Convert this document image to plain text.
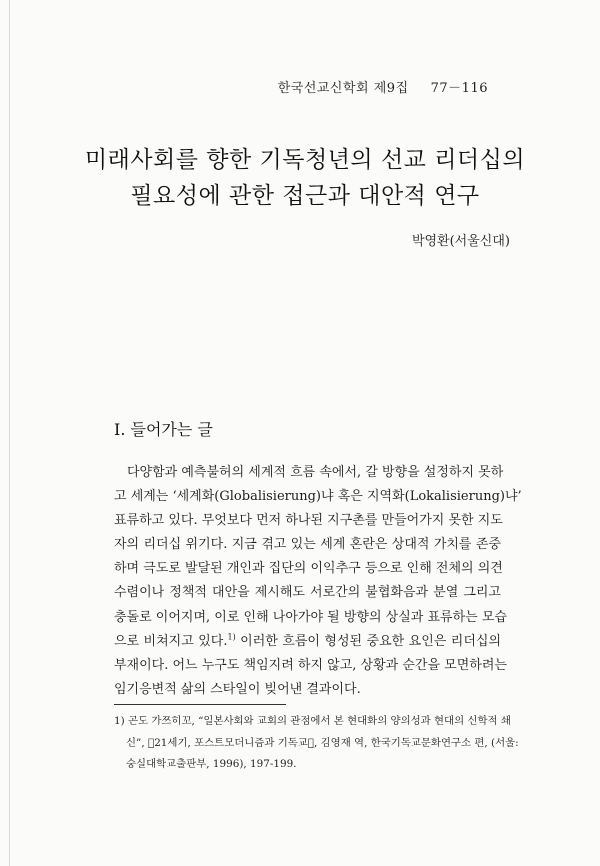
한국선교신학회 제9집 77－116
미래사회를 향한 기독청년의 선교 리더십의
필요성에 관한 접근과 대안적 연구
박영환(서울신대)
I. 들어가는 글
다양함과 예측불허의 세계적 흐름 속에서, 갈 방향을 설정하지 못하
고 세계는 ‘세계화(Globalisierung)냐 혹은 지역화(Lokalisierung)냐’
표류하고 있다. 무엇보다 먼저 하나된 지구촌를 만들어가지 못한 지도
자의 리더십 위기다. 지금 겪고 있는 세계 혼란은 상대적 가치를 존중
하며 극도로 발달된 개인과 집단의 이익추구 등으로 인해 전체의 의견
수렴이나 정책적 대안을 제시해도 서로간의 불협화음과 분열 그리고
충돌로 이어지며, 이로 인해 나아가야 될 방향의 상실과 표류하는 모습
으로 비쳐지고 있다.$^{1)}$ 이러한 흐름이 형성된 중요한 요인은 리더십의
부재이다. 어느 누구도 책임지려 하지 않고, 상황과 순간을 모면하려는
임기응변적 삶의 스타일이 빚어낸 결과이다.
1) 곤도 가쯔히꼬, “일본사회와 교회의 관점에서 본 현대화의 양의성과 현대의 신학적 쇄
신”, 󰡔21세기, 포스트모더니즘과 기독교󰡕, 김영재 역, 한국기독교문화연구소 편, (서울:
숭실대학교출판부, 1996), 197-199.
